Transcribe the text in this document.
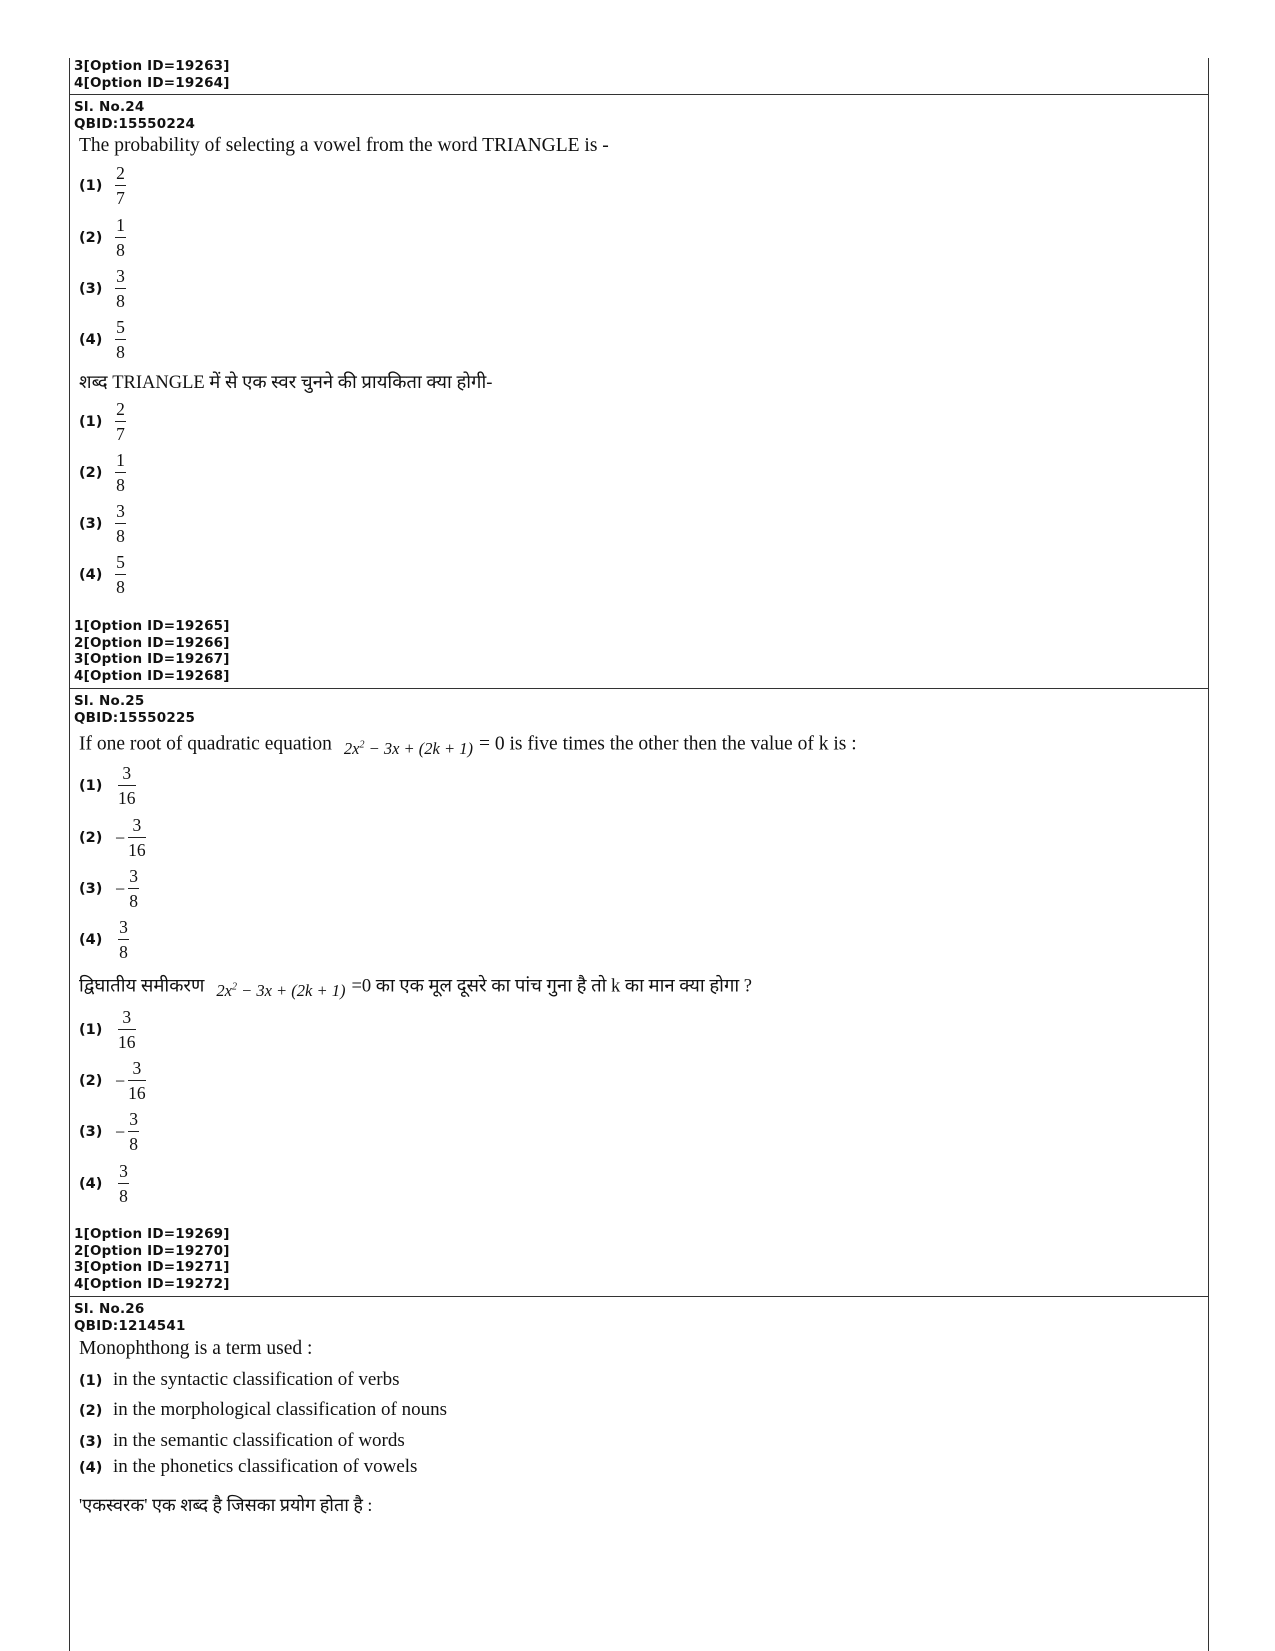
3[Option ID=19263]
4[Option ID=19264]
Sl. No.24
QBID:15550224
The probability of selecting a vowel from the word TRIANGLE is -
$(1) \frac{2}{7}$
$(2) \frac{1}{8}$
$(3) \frac{3}{8}$
$(4) \frac{5}{8}$
शब्द TRIANGLE में से एक स्वर चुनने की प्रायकिता क्या होगी-
$(1) \frac{2}{7}$
$(2) \frac{1}{8}$
$(3) \frac{3}{8}$
$(4) \frac{5}{8}$
1[Option ID=19265]
2[Option ID=19266]
3[Option ID=19267]
4[Option ID=19268]
Sl. No.25
QBID:15550225
If one root of quadratic equation $_{2x^2 - 3x + (2k + 1)}$ = 0 is five times the other then the value of k is :
$(1) \frac{3}{16}$
$(2) - \frac{3}{16}$
$(3) - \frac{3}{8}$
$(4) \frac{3}{8}$
द्विघातीय समीकरण $2x^2 - 3x + (2k + 1) =0$ का एक मूल दूसरे का पांच गुना है तो k का मान क्या होगा ?
$(1) \frac{3}{16}$
$(2) - \frac{3}{16}$
$(3) - \frac{3}{8}$
$(4) \frac{3}{8}$
1[Option ID=19269]
2[Option ID=19270]
3[Option ID=19271]
4[Option ID=19272]
Sl. No.26
QBID:1214541
Monophthong is a term used :
(1) in the syntactic classification of verbs
(2) in the morphological classification of nouns
(3) in the semantic classification of words
(4) in the phonetics classification of vowels
'एकस्वरक' एक शब्द है जिसका प्रयोग होता है :
